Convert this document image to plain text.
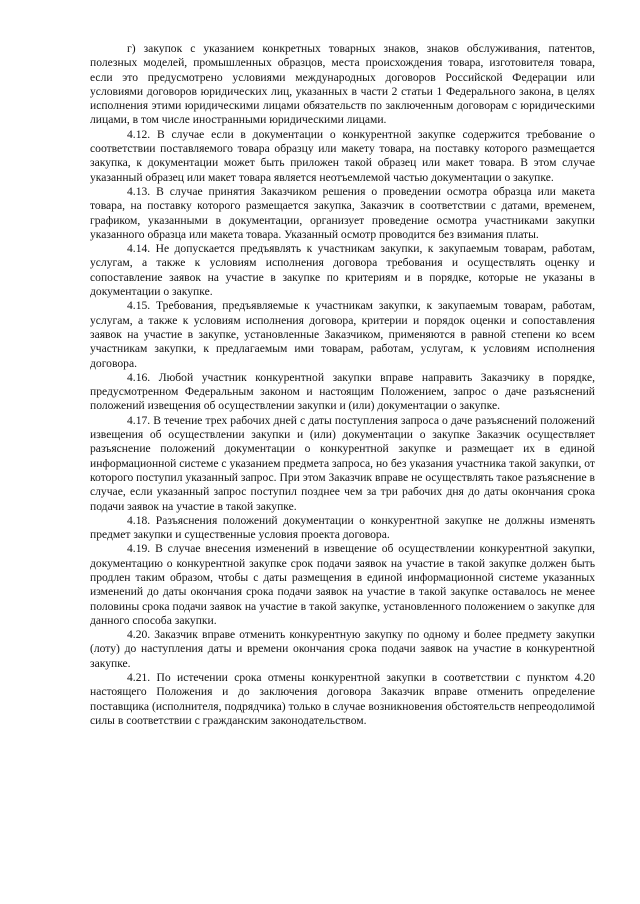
г) закупок с указанием конкретных товарных знаков, знаков обслуживания, патентов, полезных моделей, промышленных образцов, места происхождения товара, изготовителя товара, если это предусмотрено условиями международных договоров Российской Федерации или условиями договоров юридических лиц, указанных в части 2 статьи 1 Федерального закона, в целях исполнения этими юридическими лицами обязательств по заключенным договорам с юридическими лицами, в том числе иностранными юридическими лицами.

4.12. В случае если в документации о конкурентной закупке содержится требование о соответствии поставляемого товара образцу или макету товара, на поставку которого размещается закупка, к документации может быть приложен такой образец или макет товара. В этом случае указанный образец или макет товара является неотъемлемой частью документации о закупке.

4.13. В случае принятия Заказчиком решения о проведении осмотра образца или макета товара, на поставку которого размещается закупка, Заказчик в соответствии с датами, временем, графиком, указанными в документации, организует проведение осмотра участниками закупки указанного образца или макета товара. Указанный осмотр проводится без взимания платы.

4.14. Не допускается предъявлять к участникам закупки, к закупаемым товарам, работам, услугам, а также к условиям исполнения договора требования и осуществлять оценку и сопоставление заявок на участие в закупке по критериям и в порядке, которые не указаны в документации о закупке.

4.15. Требования, предъявляемые к участникам закупки, к закупаемым товарам, работам, услугам, а также к условиям исполнения договора, критерии и порядок оценки и сопоставления заявок на участие в закупке, установленные Заказчиком, применяются в равной степени ко всем участникам закупки, к предлагаемым ими товарам, работам, услугам, к условиям исполнения договора.

4.16. Любой участник конкурентной закупки вправе направить Заказчику в порядке, предусмотренном Федеральным законом и настоящим Положением, запрос о даче разъяснений положений извещения об осуществлении закупки и (или) документации о закупке.

4.17. В течение трех рабочих дней с даты поступления запроса о даче разъяснений положений извещения об осуществлении закупки и (или) документации о закупке Заказчик осуществляет разъяснение положений документации о конкурентной закупке и размещает их в единой информационной системе с указанием предмета запроса, но без указания участника такой закупки, от которого поступил указанный запрос. При этом Заказчик вправе не осуществлять такое разъяснение в случае, если указанный запрос поступил позднее чем за три рабочих дня до даты окончания срока подачи заявок на участие в такой закупке.

4.18. Разъяснения положений документации о конкурентной закупке не должны изменять предмет закупки и существенные условия проекта договора.

4.19. В случае внесения изменений в извещение об осуществлении конкурентной закупки, документацию о конкурентной закупке срок подачи заявок на участие в такой закупке должен быть продлен таким образом, чтобы с даты размещения в единой информационной системе указанных изменений до даты окончания срока подачи заявок на участие в такой закупке оставалось не менее половины срока подачи заявок на участие в такой закупке, установленного положением о закупке для данного способа закупки.

4.20. Заказчик вправе отменить конкурентную закупку по одному и более предмету закупки (лоту) до наступления даты и времени окончания срока подачи заявок на участие в конкурентной закупке.

4.21. По истечении срока отмены конкурентной закупки в соответствии с пунктом 4.20 настоящего Положения и до заключения договора Заказчик вправе отменить определение поставщика (исполнителя, подрядчика) только в случае возникновения обстоятельств непреодолимой силы в соответствии с гражданским законодательством.
